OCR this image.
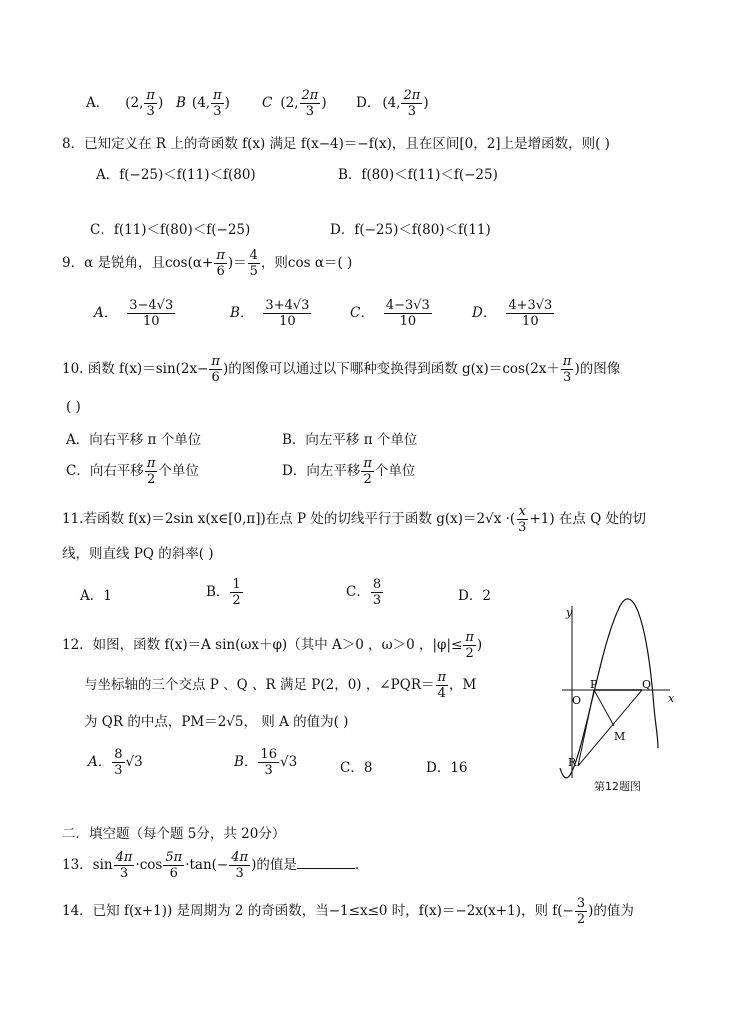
A． (2, $\frac{\pi}{3}$ ) B (4, $\frac{\pi}{3}$ ) C (2, $\frac{2\pi}{3}$ ) D． (4, $\frac{2\pi}{3}$ )
8．已知定义在 R 上的奇函数 f(x) 满足 f(x−4)＝−f(x)，且在区间[0，2]上是增函数，则( )
A．f(−25)＜f(11)＜f(80)	B．f(80)＜f(11)＜f(−25)
C．f(11)＜f(80)＜f(−25)	D．f(−25)＜f(80)＜f(11)
9．α 是锐角，且$\cos(\alpha+ \frac{\pi}{6}$ )＝ $\frac{4}{5}$ ，则cos α＝( )
A． $\frac{3-4√3}{10}$	B． $\frac{3+4√3}{10}$	C． $\frac{4-3√3}{10}$	D． $\frac{4+3√3}{10}$
10. 函数 $f(x)=\sin(2x- \frac{\pi}{6}$ )的图像可以通过以下哪种变换得到函数 $g(x)=\cos(2x+ \frac{\pi}{3}$ )的图像
( )
A．向右平移 π 个单位	B．向左平移 π 个单位
C．向右平移 $\frac{\pi}{2}$ 个单位	D．向左平移 $\frac{\pi}{2}$ 个单位
11.若函数 f(x)＝2sin x(x∈[0,π])在点 P 处的切线平行于函数 g(x)＝2√x ·( $\frac{x}{3} +1$) 在点 Q 处的切
线，则直线 PQ 的斜率( )
A．1	B． $\frac{1}{2}$	C． $\frac{8}{3}$	D．2
12．如图，函数 f(x)＝A sin(ωx＋φ)（其中 A＞0 ，ω＞0 ，$|\varphi|\le \frac{\pi}{2}$ )
与坐标轴的三个交点 P 、Q 、R 满足 P(2，0) ，∠PQR＝ $\frac{\pi}{4}$ ，M
为 QR 的中点，PM＝2√5， 则 A 的值为( )
A． $\frac{8}{3} √3$	B． $\frac{16}{3} √3$	C．8	D．16
y
x
O
P	Q
R
M
第12题图
二．填空题（每个题 5分，共 20分）
13．$\sin \frac{4\pi}{3} \cdot\cos \frac{5\pi}{6} \cdot\tan(- \frac{4\pi}{3}$ )的值是	.
14．已知 f(x+1)) 是周期为 2 的奇函数，当−1≤x≤0 时，f(x)＝−2x(x+1)，则 $f(- \frac{3}{2}$ )的值为
